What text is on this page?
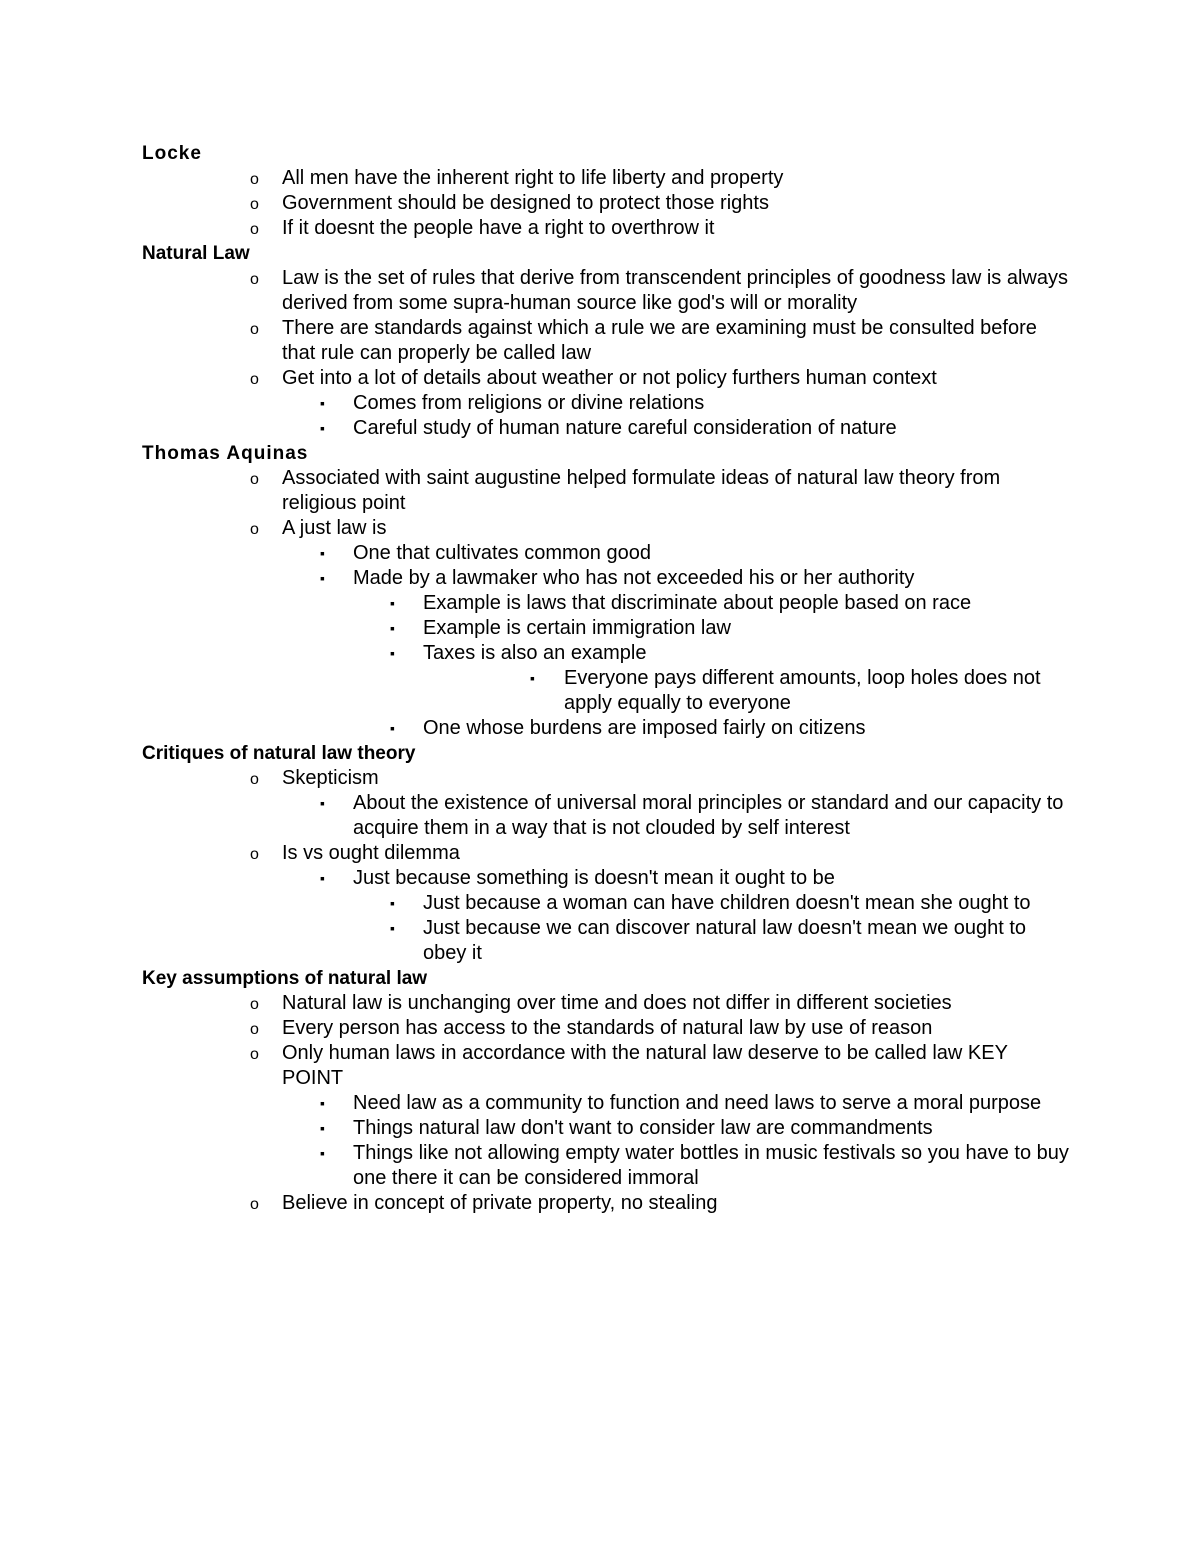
Locke
o All men have the inherent right to life liberty and property
o Government should be designed to protect those rights
o If it doesnt the people have a right to overthrow it
Natural Law
o Law is the set of rules that derive from transcendent principles of goodness law is always derived from some supra-human source like god's will or morality
o There are standards against which a rule we are examining must be consulted before that rule can properly be called law
o Get into a lot of details about weather or not policy furthers human context
▪ Comes from religions or divine relations
▪ Careful study of human nature careful consideration of nature
Thomas Aquinas
o Associated with saint augustine helped formulate ideas of natural law theory from religious point
o A just law is
▪ One that cultivates common good
▪ Made by a lawmaker who has not exceeded his or her authority
▪ Example is laws that discriminate about people based on race
▪ Example is certain immigration law
▪ Taxes is also an example
▪ Everyone pays different amounts, loop holes does not apply equally to everyone
▪ One whose burdens are imposed fairly on citizens
Critiques of natural law theory
o Skepticism
▪ About the existence of universal moral principles or standard and our capacity to acquire them in a way that is not clouded by self interest
o Is vs ought dilemma
▪ Just because something is doesn't mean it ought to be
▪ Just because a woman can have children doesn't mean she ought to
▪ Just because we can discover natural law doesn't mean we ought to obey it
Key assumptions of natural law
o Natural law is unchanging over time and does not differ in different societies
o Every person has access to the standards of natural law by use of reason
o Only human laws in accordance with the natural law deserve to be called law KEY POINT
▪ Need law as a community to function and need laws to serve a moral purpose
▪ Things natural law don't want to consider law are commandments
▪ Things like not allowing empty water bottles in music festivals so you have to buy one there it can be considered immoral
o Believe in concept of private property, no stealing
